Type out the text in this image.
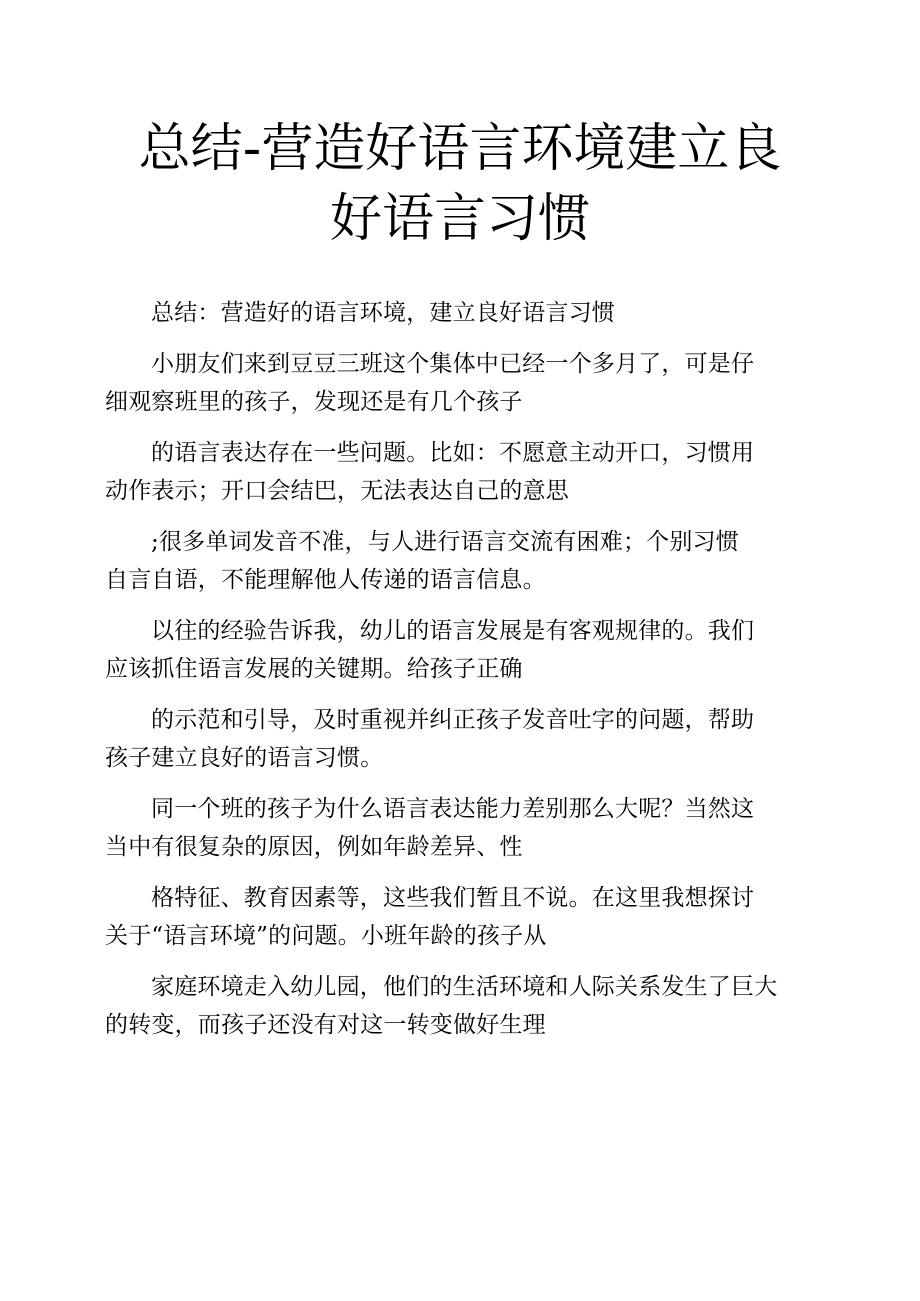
总结-营造好语言环境建立良
好语言习惯
总结：营造好的语言环境，建立良好语言习惯
小朋友们来到豆豆三班这个集体中已经一个多月了，可是仔
细观察班里的孩子，发现还是有几个孩子
的语言表达存在一些问题。比如：不愿意主动开口，习惯用
动作表示；开口会结巴，无法表达自己的意思
;很多单词发音不准，与人进行语言交流有困难；个别习惯
自言自语，不能理解他人传递的语言信息。
以往的经验告诉我，幼儿的语言发展是有客观规律的。我们
应该抓住语言发展的关键期。给孩子正确
的示范和引导，及时重视并纠正孩子发音吐字的问题，帮助
孩子建立良好的语言习惯。
同一个班的孩子为什么语言表达能力差别那么大呢？当然这
当中有很复杂的原因，例如年龄差异、性
格特征、教育因素等，这些我们暂且不说。在这里我想探讨
关于“语言环境”的问题。小班年龄的孩子从
家庭环境走入幼儿园，他们的生活环境和人际关系发生了巨大
的转变，而孩子还没有对这一转变做好生理
